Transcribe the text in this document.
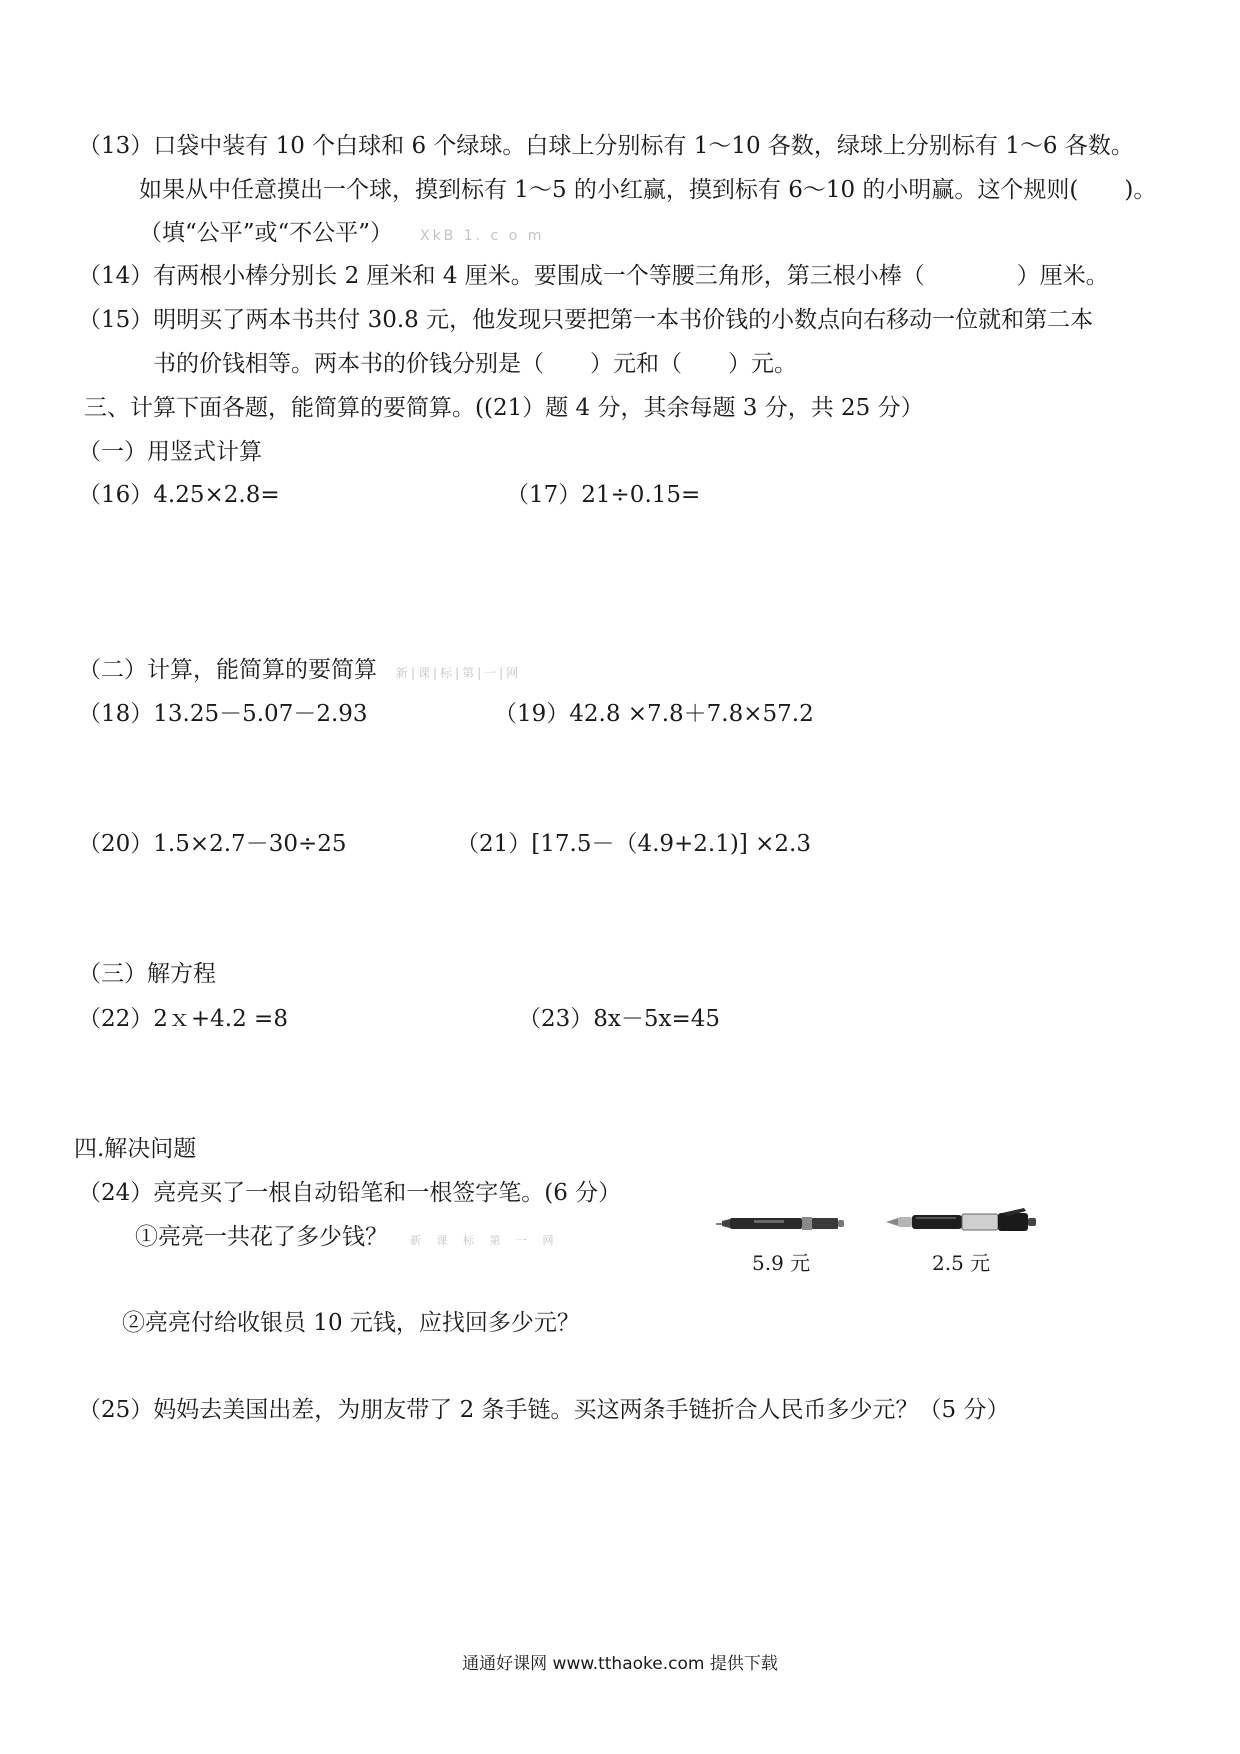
（13）口袋中装有 10 个白球和 6 个绿球。白球上分别标有 1～10 各数，绿球上分别标有 1～6 各数。
如果从中任意摸出一个球，摸到标有 1～5 的小红赢，摸到标有 6～10 的小明赢。这个规则(　　)。
（填“公平”或“不公平”） XkB 1. c o m
（14）有两根小棒分别长 2 厘米和 4 厘米。要围成一个等腰三角形，第三根小棒（　　　　）厘米。
（15）明明买了两本书共付 30.8 元，他发现只要把第一本书价钱的小数点向右移动一位就和第二本
书的价钱相等。两本书的价钱分别是（　　）元和（　　）元。
三、计算下面各题，能简算的要简算。((21）题 4 分，其余每题 3 分，共 25 分）
（一）用竖式计算
（16）4.25×2.8=	（17）21÷0.15=
（二）计算，能简算的要简算 新|课|标|第|一|网
（18）13.25－5.07－2.93	（19）42.8 ×7.8＋7.8×57.2
（20）1.5×2.7－30÷25	（21）[17.5－（4.9+2.1)] ×2.3
（三）解方程
（22）2ｘ+4.2 =8	（23）8x－5x=45
四.解决问题
（24）亮亮买了一根自动铅笔和一根签字笔。(6 分）
①亮亮一共花了多少钱？ 新 课 标 第 一 网
5.9 元	2.5 元
②亮亮付给收银员 10 元钱，应找回多少元？
（25）妈妈去美国出差，为朋友带了 2 条手链。买这两条手链折合人民币多少元？（5 分）
通通好课网 www.tthaoke.com 提供下载
